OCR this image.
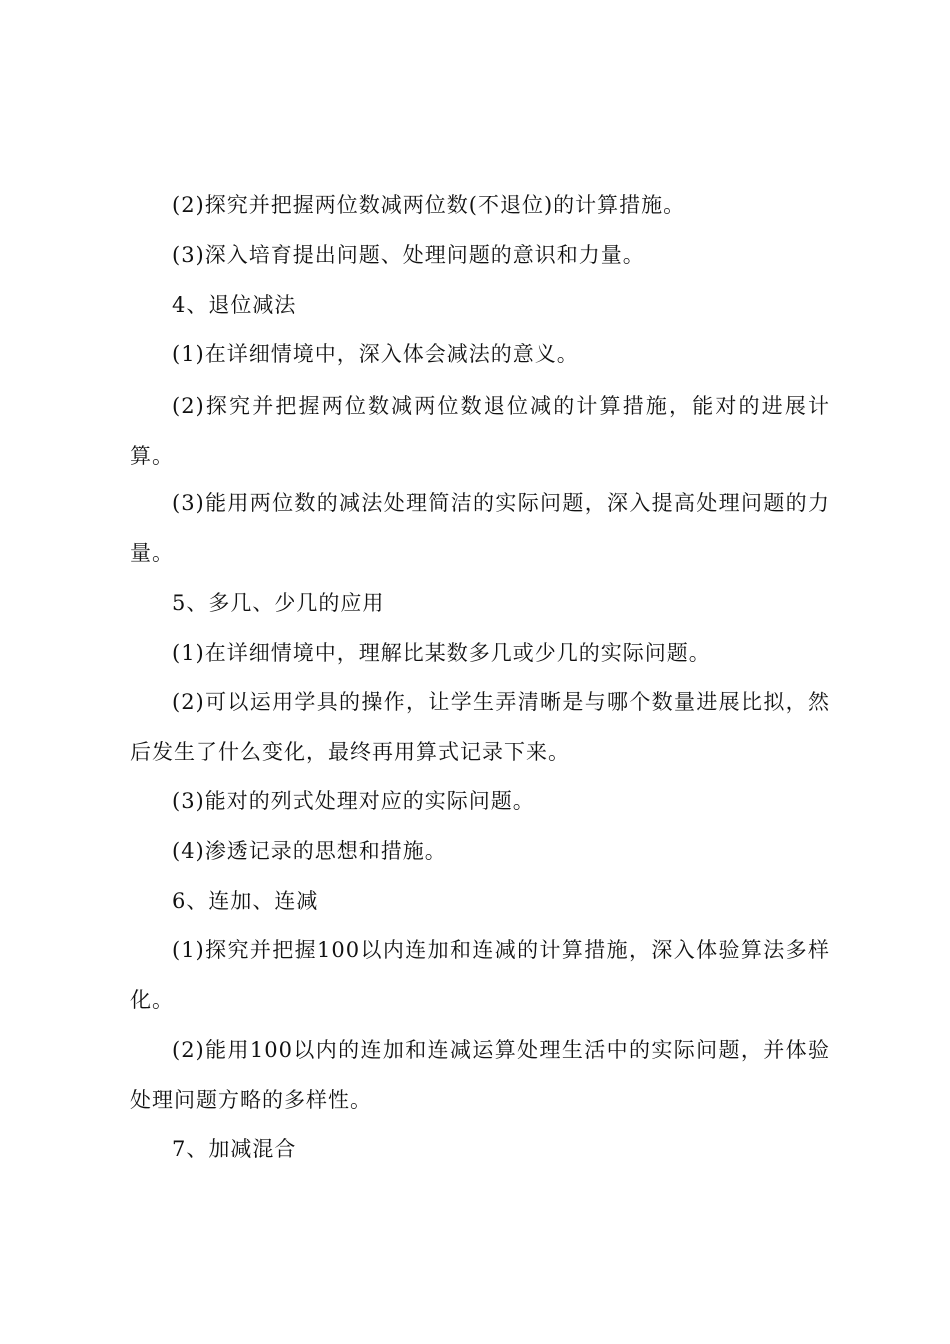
(2)探究并把握两位数减两位数(不退位)的计算措施。

(3)深入培育提出问题、处理问题的意识和力量。

4、退位减法

(1)在详细情境中，深入体会减法的意义。

(2)探究并把握两位数减两位数退位减的计算措施，能对的进展计算。

(3)能用两位数的减法处理简洁的实际问题，深入提高处理问题的力量。

5、多几、少几的应用

(1)在详细情境中，理解比某数多几或少几的实际问题。

(2)可以运用学具的操作，让学生弄清晰是与哪个数量进展比拟，然后发生了什么变化，最终再用算式记录下来。

(3)能对的列式处理对应的实际问题。

(4)渗透记录的思想和措施。

6、连加、连减

(1)探究并把握100以内连加和连减的计算措施，深入体验算法多样化。

(2)能用100以内的连加和连减运算处理生活中的实际问题，并体验处理问题方略的多样性。

7、加减混合
